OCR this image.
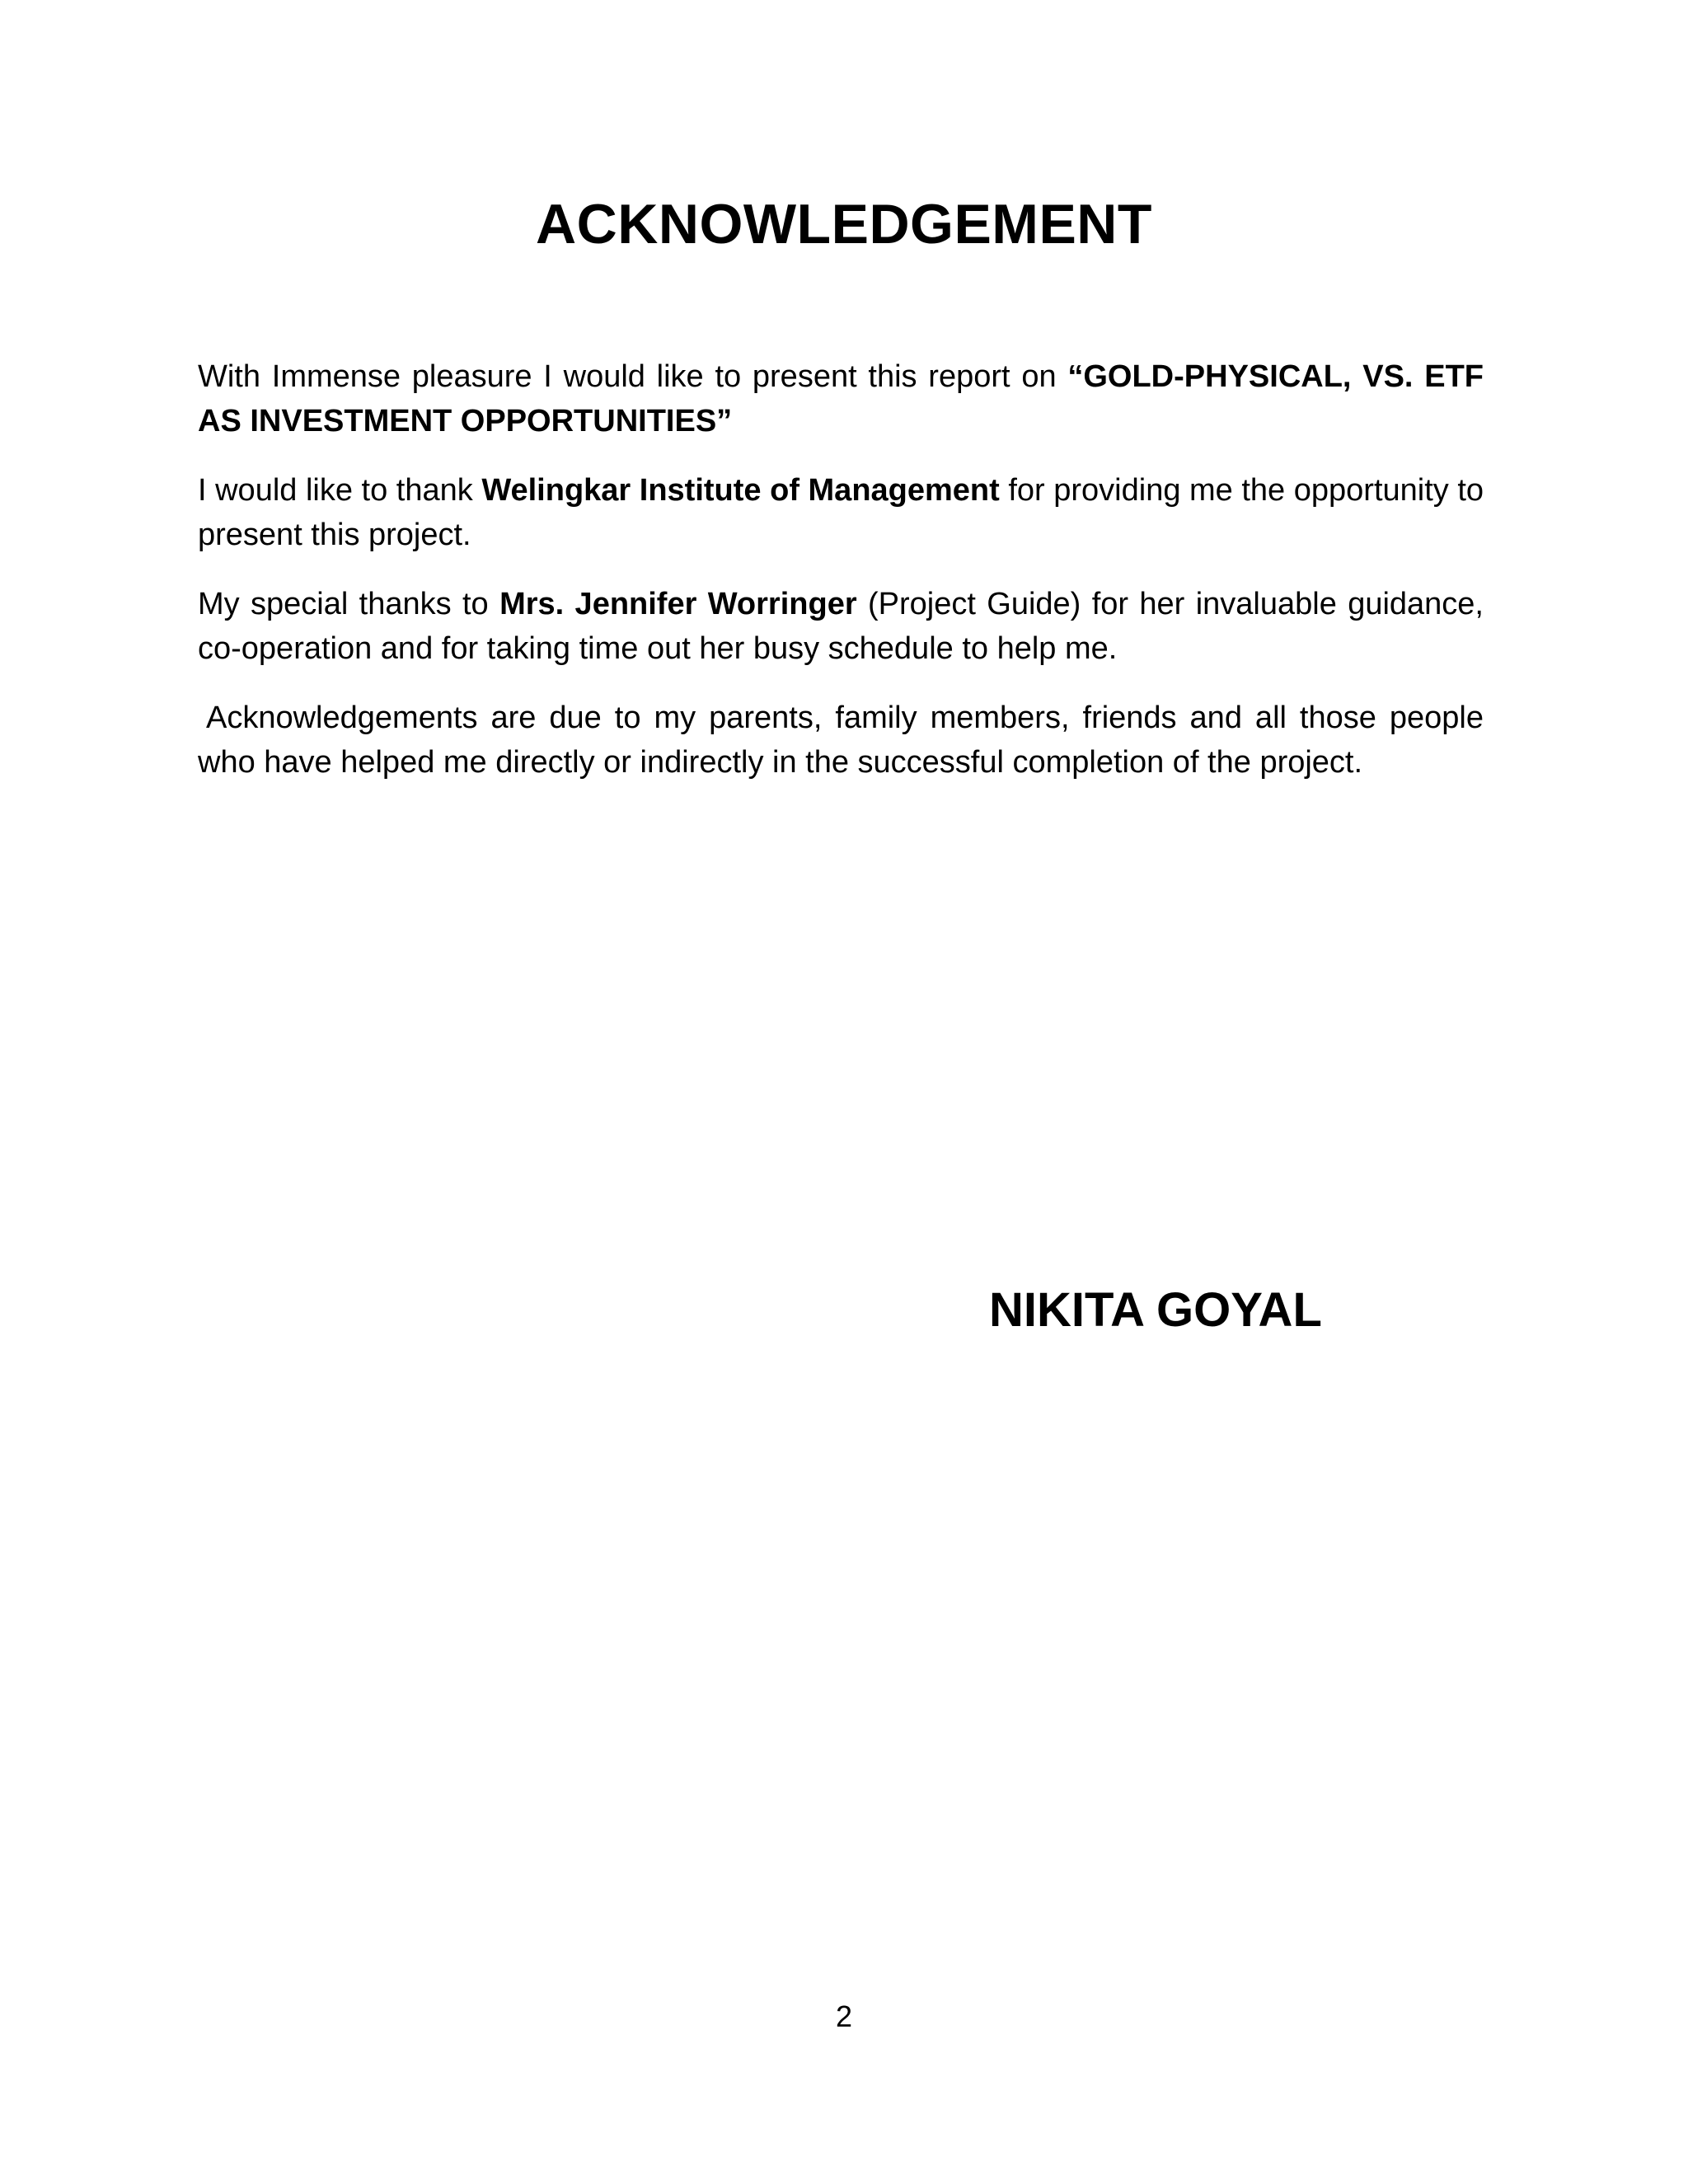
ACKNOWLEDGEMENT

With Immense pleasure I would like to present this report on “GOLD-PHYSICAL, VS. ETF AS INVESTMENT OPPORTUNITIES”

I would like to thank Welingkar Institute of Management for providing me the opportunity to present this project.

My special thanks to Mrs. Jennifer Worringer (Project Guide) for her invaluable guidance, co-operation and for taking time out her busy schedule to help me.

Acknowledgements are due to my parents, family members, friends and all those people who have helped me directly or indirectly in the successful completion of the project.

NIKITA GOYAL

2
